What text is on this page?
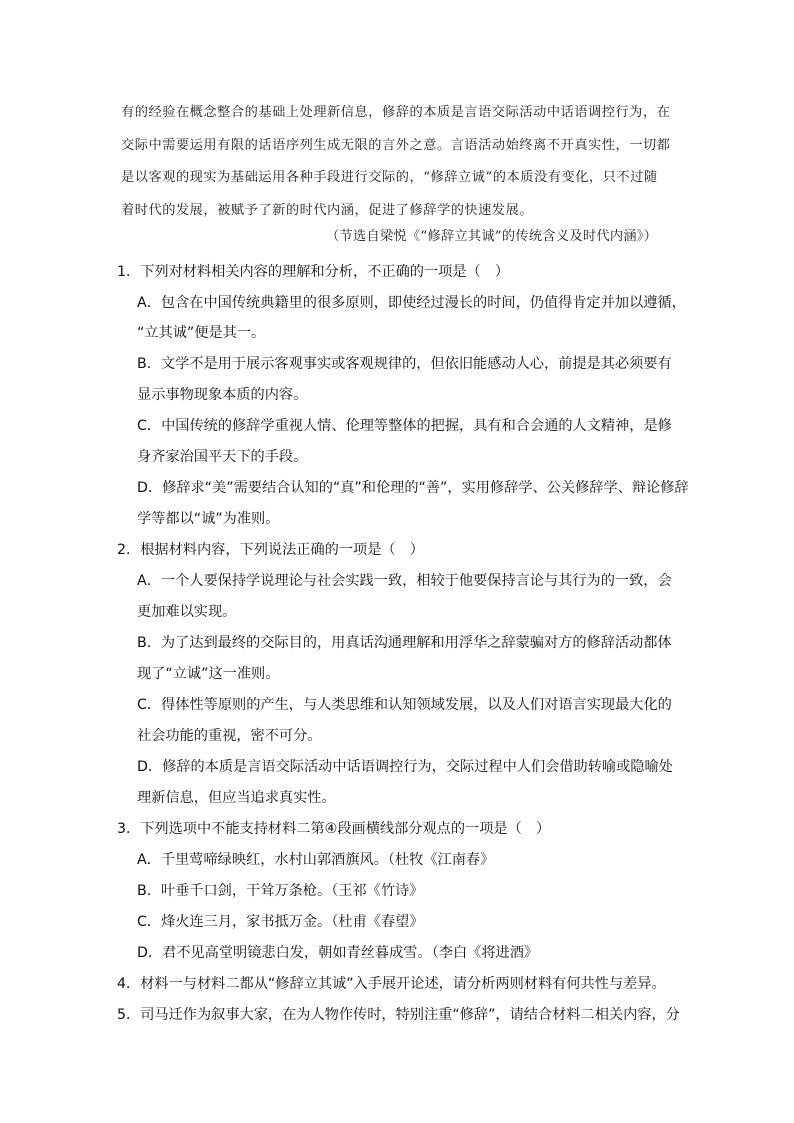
有的经验在概念整合的基础上处理新信息，修辞的本质是言语交际活动中话语调控行为，在
交际中需要运用有限的话语序列生成无限的言外之意。言语活动始终离不开真实性，一切都
是以客观的现实为基础运用各种手段进行交际的，“修辞立诚”的本质没有变化，只不过随
着时代的发展，被赋予了新的时代内涵，促进了修辞学的快速发展。
（节选自梁悦《“修辞立其诚”的传统含义及时代内涵》）
1．下列对材料相关内容的理解和分析，不正确的一项是（　）
A．包含在中国传统典籍里的很多原则，即使经过漫长的时间，仍值得肯定并加以遵循，
“立其诚”便是其一。
B．文学不是用于展示客观事实或客观规律的，但依旧能感动人心，前提是其必须要有
显示事物现象本质的内容。
C．中国传统的修辞学重视人情、伦理等整体的把握，具有和合会通的人文精神，是修
身齐家治国平天下的手段。
D．修辞求“美”需要结合认知的“真”和伦理的“善”，实用修辞学、公关修辞学、辩论修辞
学等都以“诚”为准则。
2．根据材料内容，下列说法正确的一项是（　）
A．一个人要保持学说理论与社会实践一致，相较于他要保持言论与其行为的一致，会
更加难以实现。
B．为了达到最终的交际目的，用真话沟通理解和用浮华之辞蒙骗对方的修辞活动都体
现了“立诚”这一准则。
C．得体性等原则的产生，与人类思维和认知领域发展，以及人们对语言实现最大化的
社会功能的重视，密不可分。
D．修辞的本质是言语交际活动中话语调控行为，交际过程中人们会借助转喻或隐喻处
理新信息，但应当追求真实性。
3．下列选项中不能支持材料二第④段画横线部分观点的一项是（　）
A．千里莺啼绿映红，水村山郭酒旗风。（杜牧《江南春》
B．叶垂千口剑，干耸万条枪。（王祁《竹诗》
C．烽火连三月，家书抵万金。（杜甫《春望》
D．君不见高堂明镜悲白发，朝如青丝暮成雪。（李白《将进酒》
4．材料一与材料二都从“修辞立其诚”入手展开论述，请分析两则材料有何共性与差异。
5．司马迁作为叙事大家，在为人物作传时，特别注重“修辞”，请结合材料二相关内容，分
